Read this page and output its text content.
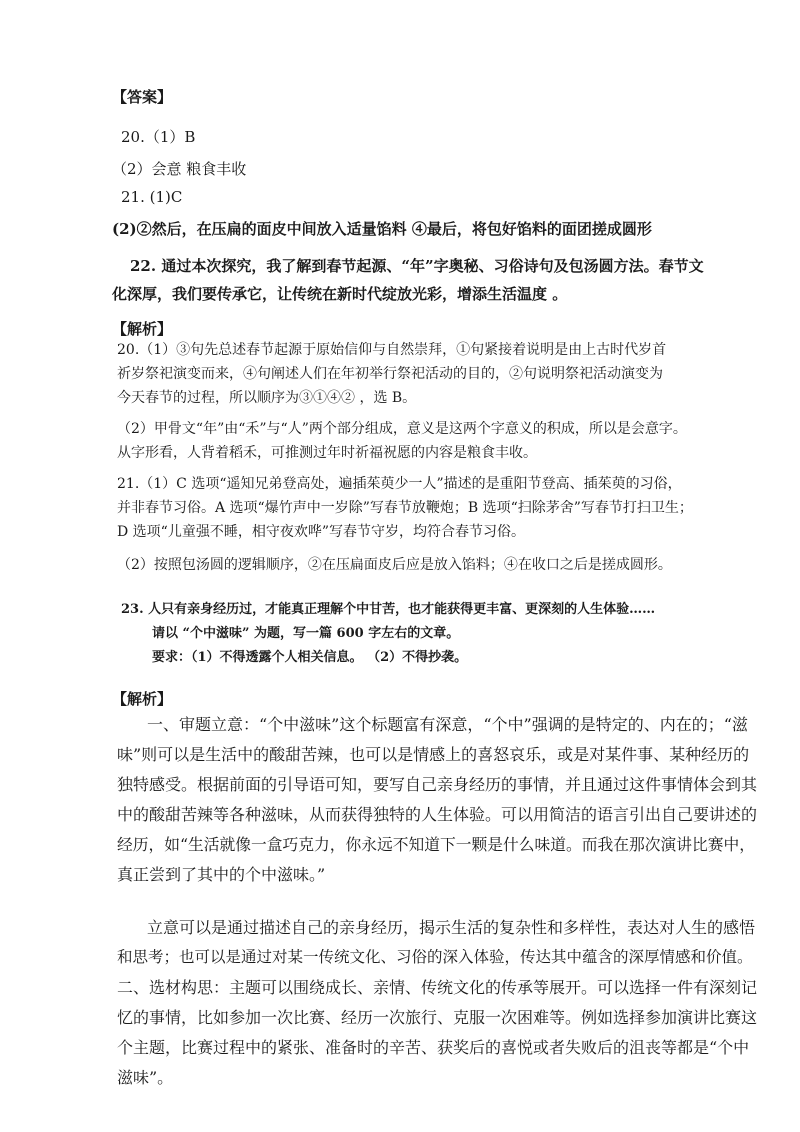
【答案】
20.（1）B
（2）会意 粮食丰收
21. (1)C
(2)②然后，在压扁的面皮中间放入适量馅料 ④最后，将包好馅料的面团搓成圆形
22. 通过本次探究，我了解到春节起源、“年”字奥秘、习俗诗句及包汤圆方法。春节文
化深厚，我们要传承它，让传统在新时代绽放光彩，增添生活温度 。
【解析】
20.（1）③句先总述春节起源于原始信仰与自然崇拜，①句紧接着说明是由上古时代岁首
祈岁祭祀演变而来，④句阐述人们在年初举行祭祀活动的目的，②句说明祭祀活动演变为
今天春节的过程，所以顺序为③①④② ，选 B。
（2）甲骨文“年”由“禾”与“人”两个部分组成，意义是这两个字意义的积成，所以是会意字。
从字形看，人背着稻禾，可推测过年时祈福祝愿的内容是粮食丰收。
21.（1）C 选项“遥知兄弟登高处，遍插茱萸少一人”描述的是重阳节登高、插茱萸的习俗，
并非春节习俗。A 选项“爆竹声中一岁除”写春节放鞭炮；B 选项“扫除茅舍”写春节打扫卫生；
D 选项“儿童强不睡，相守夜欢哗”写春节守岁，均符合春节习俗。
（2）按照包汤圆的逻辑顺序，②在压扁面皮后应是放入馅料；④在收口之后是搓成圆形。
23. 人只有亲身经历过，才能真正理解个中甘苦，也才能获得更丰富、更深刻的人生体验……
请以 “个中滋味” 为题，写一篇 600 字左右的文章。
要求：（1）不得透露个人相关信息。 （2）不得抄袭。
【解析】
一、审题立意：“个中滋味”这个标题富有深意，“个中”强调的是特定的、内在的；“滋
味”则可以是生活中的酸甜苦辣，也可以是情感上的喜怒哀乐，或是对某件事、某种经历的
独特感受。根据前面的引导语可知，要写自己亲身经历的事情，并且通过这件事情体会到其
中的酸甜苦辣等各种滋味，从而获得独特的人生体验。可以用简洁的语言引出自己要讲述的
经历，如“生活就像一盒巧克力，你永远不知道下一颗是什么味道。而我在那次演讲比赛中，
真正尝到了其中的个中滋味。”
立意可以是通过描述自己的亲身经历，揭示生活的复杂性和多样性，表达对人生的感悟
和思考；也可以是通过对某一传统文化、习俗的深入体验，传达其中蕴含的深厚情感和价值。
二、选材构思：主题可以围绕成长、亲情、传统文化的传承等展开。可以选择一件有深刻记
忆的事情，比如参加一次比赛、经历一次旅行、克服一次困难等。例如选择参加演讲比赛这
个主题，比赛过程中的紧张、准备时的辛苦、获奖后的喜悦或者失败后的沮丧等都是“个中
滋味”。
